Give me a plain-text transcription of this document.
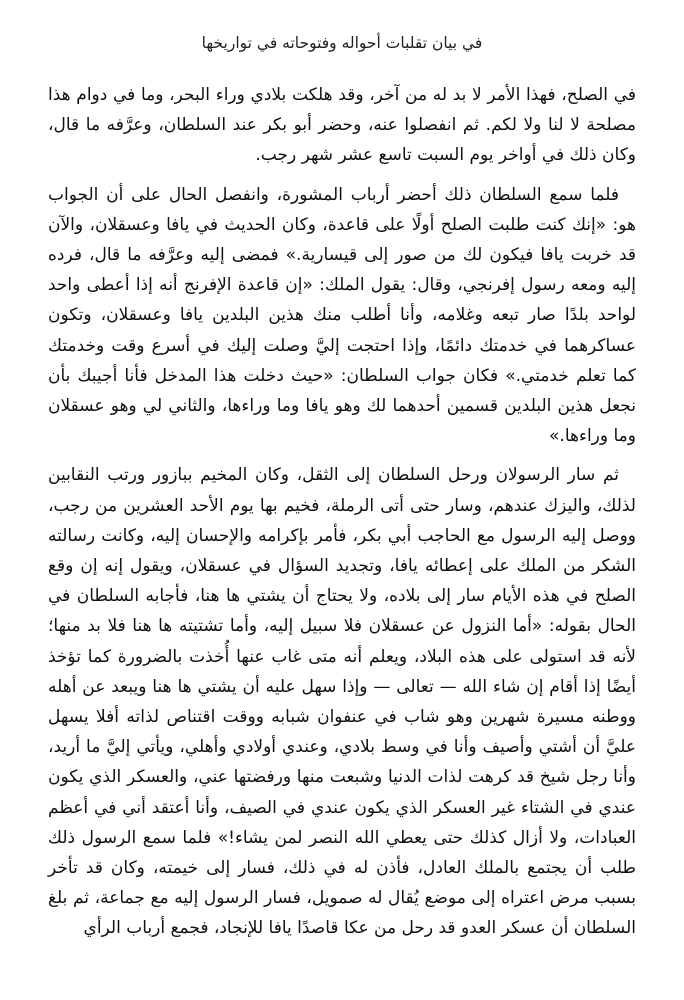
في بيان تقلبات أحواله وفتوحاته في تواريخها

في الصلح، فهذا الأمر لا بد له من آخر، وقد هلكت بلادي وراء البحر، وما في دوام هذا مصلحة لا لنا ولا لكم. ثم انفصلوا عنه، وحضر أبو بكر عند السلطان، وعرَّفه ما قال، وكان ذلك في أواخر يوم السبت تاسع عشر شهر رجب.

فلما سمع السلطان ذلك أحضر أرباب المشورة، وانفصل الحال على أن الجواب هو: «إنك كنت طلبت الصلح أولًا على قاعدة، وكان الحديث في يافا وعسقلان، والآن قد خربت يافا فيكون لك من صور إلى قيسارية.» فمضى إليه وعرَّفه ما قال، فرده إليه ومعه رسول إفرنجي، وقال: يقول الملك: «إن قاعدة الإفرنج أنه إذا أعطى واحد لواحد بلدًا صار تبعه وغلامه، وأنا أطلب منك هذين البلدين يافا وعسقلان، وتكون عساكرهما في خدمتك دائمًا، وإذا احتجت إليَّ وصلت إليك في أسرع وقت وخدمتك كما تعلم خدمتي.» فكان جواب السلطان: «حيث دخلت هذا المدخل فأنا أجيبك بأن نجعل هذين البلدين قسمين أحدهما لك وهو يافا وما وراءها، والثاني لي وهو عسقلان وما وراءها.»

ثم سار الرسولان ورحل السلطان إلى الثقل، وكان المخيم ببازور ورتب النقابين لذلك، واليزك عندهم، وسار حتى أتى الرملة، فخيم بها يوم الأحد العشرين من رجب، ووصل إليه الرسول مع الحاجب أبي بكر، فأمر بإكرامه والإحسان إليه، وكانت رسالته الشكر من الملك على إعطائه يافا، وتجديد السؤال في عسقلان، ويقول إنه إن وقع الصلح في هذه الأيام سار إلى بلاده، ولا يحتاج أن يشتي ها هنا، فأجابه السلطان في الحال بقوله: «أما النزول عن عسقلان فلا سبيل إليه، وأما تشتيته ها هنا فلا بد منها؛ لأنه قد استولى على هذه البلاد، ويعلم أنه متى غاب عنها أُخذت بالضرورة كما تؤخذ أيضًا إذا أقام إن شاء الله — تعالى — وإذا سهل عليه أن يشتي ها هنا ويبعد عن أهله ووطنه مسيرة شهرين وهو شاب في عنفوان شبابه ووقت اقتناص لذاته أفلا يسهل عليَّ أن أشتي وأصيف وأنا في وسط بلادي، وعندي أولادي وأهلي، ويأتي إليَّ ما أريد، وأنا رجل شيخ قد كرهت لذات الدنيا وشبعت منها ورفضتها عني، والعسكر الذي يكون عندي في الشتاء غير العسكر الذي يكون عندي في الصيف، وأنا أعتقد أني في أعظم العبادات، ولا أزال كذلك حتى يعطي الله النصر لمن يشاء!» فلما سمع الرسول ذلك طلب أن يجتمع بالملك العادل، فأذن له في ذلك، فسار إلى خيمته، وكان قد تأخر بسبب مرض اعتراه إلى موضع يُقال له صمويل، فسار الرسول إليه مع جماعة، ثم بلغ السلطان أن عسكر العدو قد رحل من عكا قاصدًا يافا للإنجاد، فجمع أرباب الرأي
